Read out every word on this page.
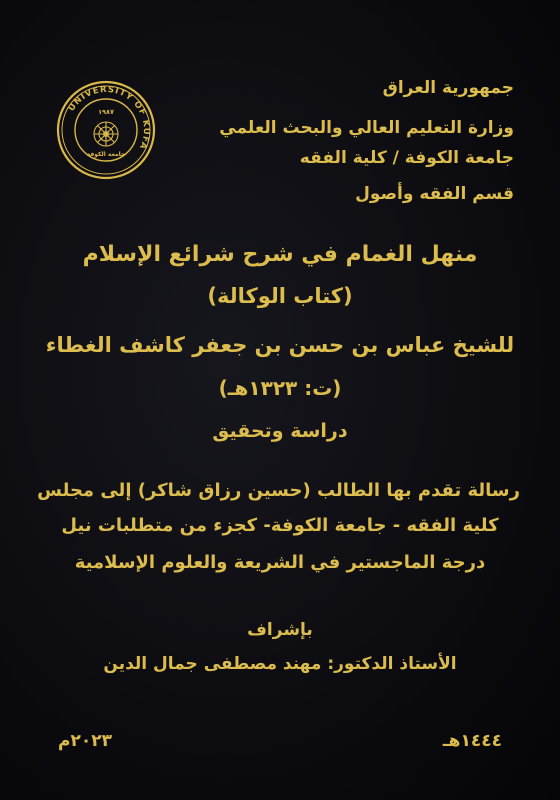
UNIVERSITY OF KUFA
١٩٨٧
جامعة الكوفة
جمهورية العراق
وزارة التعليم العالي والبحث العلمي
جامعة الكوفة / كلية الفقه
قسم الفقه وأصول
منهل الغمام في شرح شرائع الإسلام
(كتاب الوكالة)
للشيخ عباس بن حسن بن جعفر كاشف الغطاء
(ت: ١٣٢٣هـ)
دراسة وتحقيق
رسالة تقدم بها الطالب (حسين رزاق شاكر) إلى مجلس
كلية الفقه - جامعة الكوفة- كجزء من متطلبات نيل
درجة الماجستير في الشريعة والعلوم الإسلامية
بإشراف
الأستاذ الدكتور: مهند مصطفى جمال الدين
١٤٤٤هـ
٢٠٢٣م
